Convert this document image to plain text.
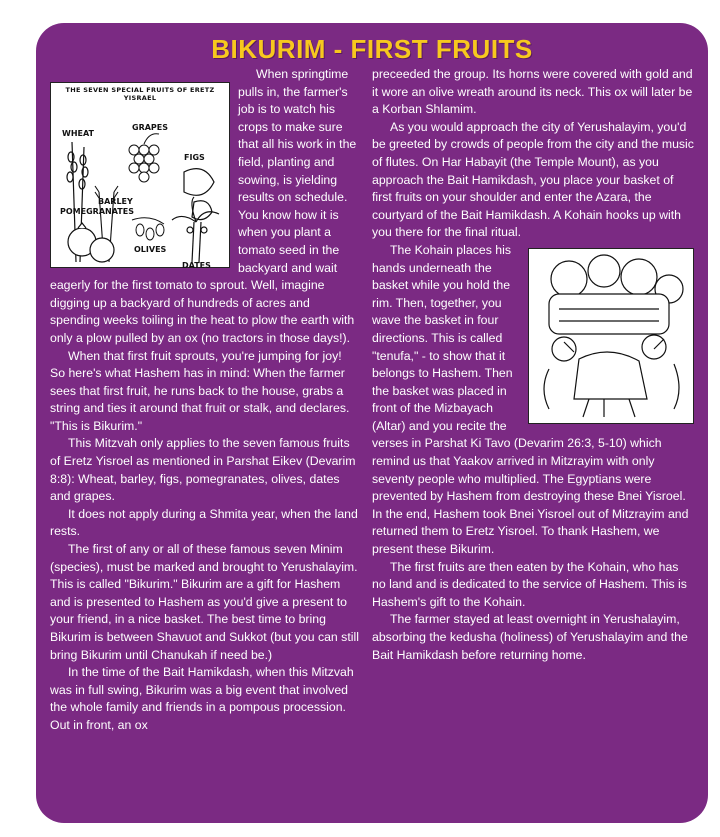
BIKURIM - FIRST FRUITS
THE SEVEN SPECIAL FRUITS OF ERETZ YISRAEL
WHEAT
GRAPES
FIGS
BARLEY
POMEGRANATES
OLIVES
DATES

When springtime pulls in, the farmer's job is to watch his crops to make sure that all his work in the field, planting and sowing, is yielding results on schedule. You know how it is when you plant a tomato seed in the backyard and wait eagerly for the first tomato to sprout. Well, imagine digging up a backyard of hundreds of acres and spending weeks toiling in the heat to plow the earth with only a plow pulled by an ox (no tractors in those days!).

When that first fruit sprouts, you're jumping for joy! So here's what Hashem has in mind: When the farmer sees that first fruit, he runs back to the house, grabs a string and ties it around that fruit or stalk, and declares. "This is Bikurim."

This Mitzvah only applies to the seven famous fruits of Eretz Yisroel as mentioned in Parshat Eikev (Devarim 8:8): Wheat, barley, figs, pomegranates, olives, dates and grapes.

It does not apply during a Shmita year, when the land rests.

The first of any or all of these famous seven Minim (species), must be marked and brought to Yerushalayim. This is called "Bikurim." Bikurim are a gift for Hashem and is presented to Hashem as you'd give a present to your friend, in a nice basket. The best time to bring Bikurim is between Shavuot and Sukkot (but you can still bring Bikurim until Chanukah if need be.)

In the time of the Bait Hamikdash, when this Mitzvah was in full swing, Bikurim was a big event that involved the whole family and friends in a pompous procession. Out in front, an ox

preceeded the group. Its horns were covered with gold and it wore an olive wreath around its neck. This ox will later be a Korban Shlamim.

As you would approach the city of Yerushalayim, you'd be greeted by crowds of people from the city and the music of flutes. On Har Habayit (the Temple Mount), as you approach the Bait Hamikdash, you place your basket of first fruits on your shoulder and enter the Azara, the courtyard of the Bait Hamikdash. A Kohain hooks up with you there for the final ritual.

The Kohain places his hands underneath the basket while you hold the rim. Then, together, you wave the basket in four directions. This is called "tenufa," - to show that it belongs to Hashem. Then the basket was placed in front of the Mizbayach (Altar) and you recite the verses in Parshat Ki Tavo (Devarim 26:3, 5-10) which remind us that Yaakov arrived in Mitzrayim with only seventy people who multiplied. The Egyptians were prevented by Hashem from destroying these Bnei Yisroel. In the end, Hashem took Bnei Yisroel out of Mitzrayim and returned them to Eretz Yisroel. To thank Hashem, we present these Bikurim.

The first fruits are then eaten by the Kohain, who has no land and is dedicated to the service of Hashem. This is Hashem's gift to the Kohain.

The farmer stayed at least overnight in Yerushalayim, absorbing the kedusha (holiness) of Yerushalayim and the Bait Hamikdash before returning home.
